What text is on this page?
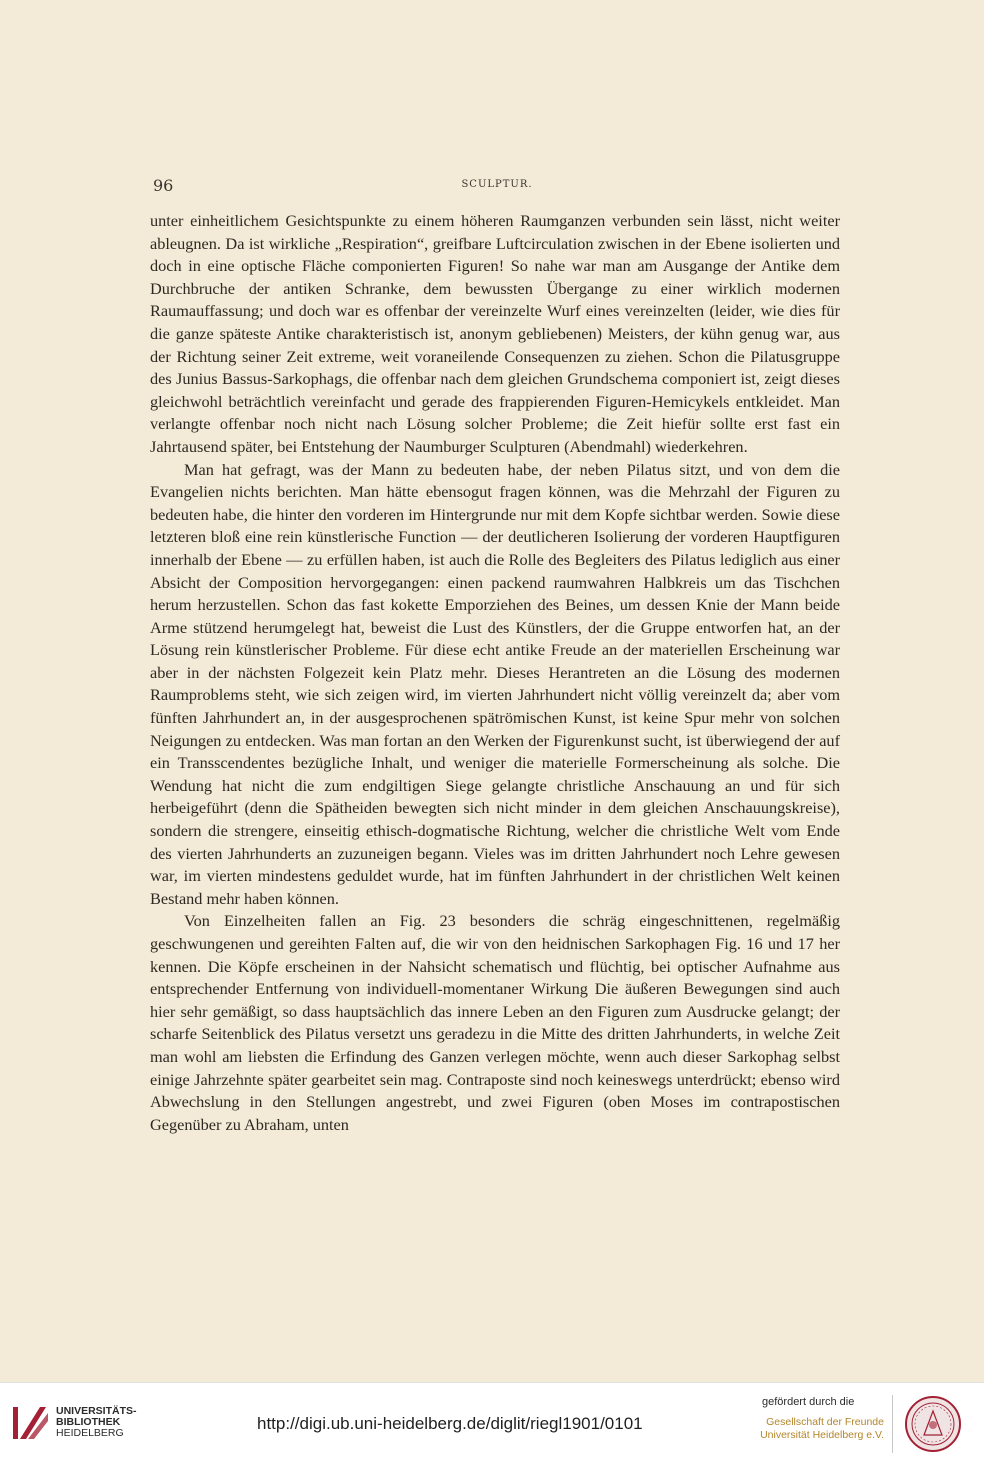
96	SCULPTUR.

unter einheitlichem Gesichtspunkte zu einem höheren Raumganzen verbunden sein lässt, nicht weiter ableugnen. Da ist wirkliche „Respiration“, greifbare Luftcirculation zwischen in der Ebene isolierten und doch in eine optische Fläche componierten Figuren! So nahe war man am Ausgange der Antike dem Durchbruche der antiken Schranke, dem bewussten Übergange zu einer wirklich modernen Raumauffassung; und doch war es offenbar der vereinzelte Wurf eines vereinzelten (leider, wie dies für die ganze späteste Antike charakteristisch ist, anonym gebliebenen) Meisters, der kühn genug war, aus der Richtung seiner Zeit extreme, weit voraneilende Consequenzen zu ziehen. Schon die Pilatusgruppe des Junius Bassus-Sarkophags, die offenbar nach dem gleichen Grundschema componiert ist, zeigt dieses gleichwohl beträchtlich vereinfacht und gerade des frappierenden Figuren-Hemicykels entkleidet. Man verlangte offenbar noch nicht nach Lösung solcher Probleme; die Zeit hiefür sollte erst fast ein Jahrtausend später, bei Entstehung der Naumburger Sculpturen (Abendmahl) wiederkehren.

Man hat gefragt, was der Mann zu bedeuten habe, der neben Pilatus sitzt, und von dem die Evangelien nichts berichten. Man hätte ebensogut fragen können, was die Mehrzahl der Figuren zu bedeuten habe, die hinter den vorderen im Hintergrunde nur mit dem Kopfe sichtbar werden. Sowie diese letzteren bloß eine rein künstlerische Function — der deutlicheren Isolierung der vorderen Hauptfiguren innerhalb der Ebene — zu erfüllen haben, ist auch die Rolle des Begleiters des Pilatus lediglich aus einer Absicht der Composition hervorgegangen: einen packend raumwahren Halbkreis um das Tischchen herum herzustellen. Schon das fast kokette Emporziehen des Beines, um dessen Knie der Mann beide Arme stützend herumgelegt hat, beweist die Lust des Künstlers, der die Gruppe entworfen hat, an der Lösung rein künstlerischer Probleme. Für diese echt antike Freude an der materiellen Erscheinung war aber in der nächsten Folgezeit kein Platz mehr. Dieses Herantreten an die Lösung des modernen Raumproblems steht, wie sich zeigen wird, im vierten Jahrhundert nicht völlig vereinzelt da; aber vom fünften Jahrhundert an, in der ausgesprochenen spätrömischen Kunst, ist keine Spur mehr von solchen Neigungen zu entdecken. Was man fortan an den Werken der Figurenkunst sucht, ist überwiegend der auf ein Transscendentes bezügliche Inhalt, und weniger die materielle Formerscheinung als solche. Die Wendung hat nicht die zum endgiltigen Siege gelangte christliche Anschauung an und für sich herbeigeführt (denn die Spätheiden bewegten sich nicht minder in dem gleichen Anschauungskreise), sondern die strengere, einseitig ethisch-dogmatische Richtung, welcher die christliche Welt vom Ende des vierten Jahrhunderts an zuzuneigen begann. Vieles was im dritten Jahrhundert noch Lehre gewesen war, im vierten mindestens geduldet wurde, hat im fünften Jahrhundert in der christlichen Welt keinen Bestand mehr haben können.

Von Einzelheiten fallen an Fig. 23 besonders die schräg eingeschnittenen, regelmäßig geschwungenen und gereihten Falten auf, die wir von den heidnischen Sarkophagen Fig. 16 und 17 her kennen. Die Köpfe erscheinen in der Nahsicht schematisch und flüchtig, bei optischer Aufnahme aus entsprechender Entfernung von individuell-momentaner Wirkung Die äußeren Bewegungen sind auch hier sehr gemäßigt, so dass hauptsächlich das innere Leben an den Figuren zum Ausdrucke gelangt; der scharfe Seitenblick des Pilatus versetzt uns geradezu in die Mitte des dritten Jahrhunderts, in welche Zeit man wohl am liebsten die Erfindung des Ganzen verlegen möchte, wenn auch dieser Sarkophag selbst einige Jahrzehnte später gearbeitet sein mag. Contraposte sind noch keineswegs unterdrückt; ebenso wird Abwechslung in den Stellungen angestrebt, und zwei Figuren (oben Moses im contrapostischen Gegenüber zu Abraham, unten

UNIVERSITÄTS-
BIBLIOTHEK
HEIDELBERG	http://digi.ub.uni-heidelberg.de/diglit/riegl1901/0101
gefördert durch die
Gesellschaft der Freunde
Universität Heidelberg e.V.
